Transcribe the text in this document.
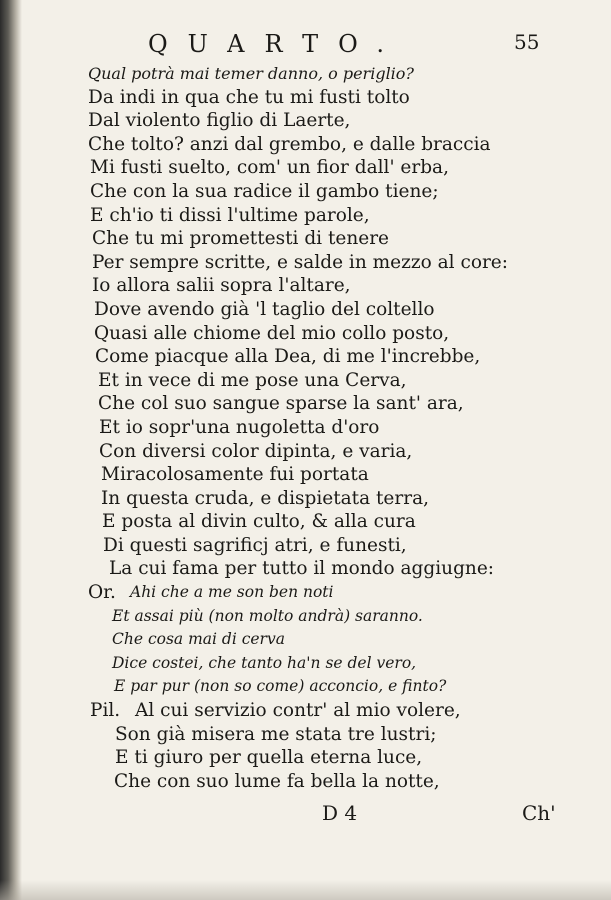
QUARTO.	55
Qual potrà mai temer danno, o periglio?
Da indi in qua che tu mi fusti tolto
Dal violento figlio di Laerte,
Che tolto? anzi dal grembo, e dalle braccia
Mi fusti suelto, com' un fior dall' erba,
Che con la sua radice il gambo tiene;
E ch'io ti dissi l'ultime parole,
Che tu mi promettesti di tenere
Per sempre scritte, e salde in mezzo al core:
Io allora salii sopra l'altare,
Dove avendo già 'l taglio del coltello
Quasi alle chiome del mio collo posto,
Come piacque alla Dea, di me l'increbbe,
Et in vece di me pose una Cerva,
Che col suo sangue sparse la sant' ara,
Et io sopr'una nugoletta d'oro
Con diversi color dipinta, e varia,
Miracolosamente fui portata
In questa cruda, e dispietata terra,
E posta al divin culto, & alla cura
Di questi sagrificj atri, e funesti,
La cui fama per tutto il mondo aggiugne:
Or. Ahi che a me son ben noti
Et assai più (non molto andrà) saranno.
Che cosa mai di cerva
Dice costei, che tanto ha'n se del vero,
E par pur (non so come) acconcio, e finto?
Pil. Al cui servizio contr' al mio volere,
Son già misera me stata tre lustri;
E ti giuro per quella eterna luce,
Che con suo lume fa bella la notte,
D 4	Ch'
